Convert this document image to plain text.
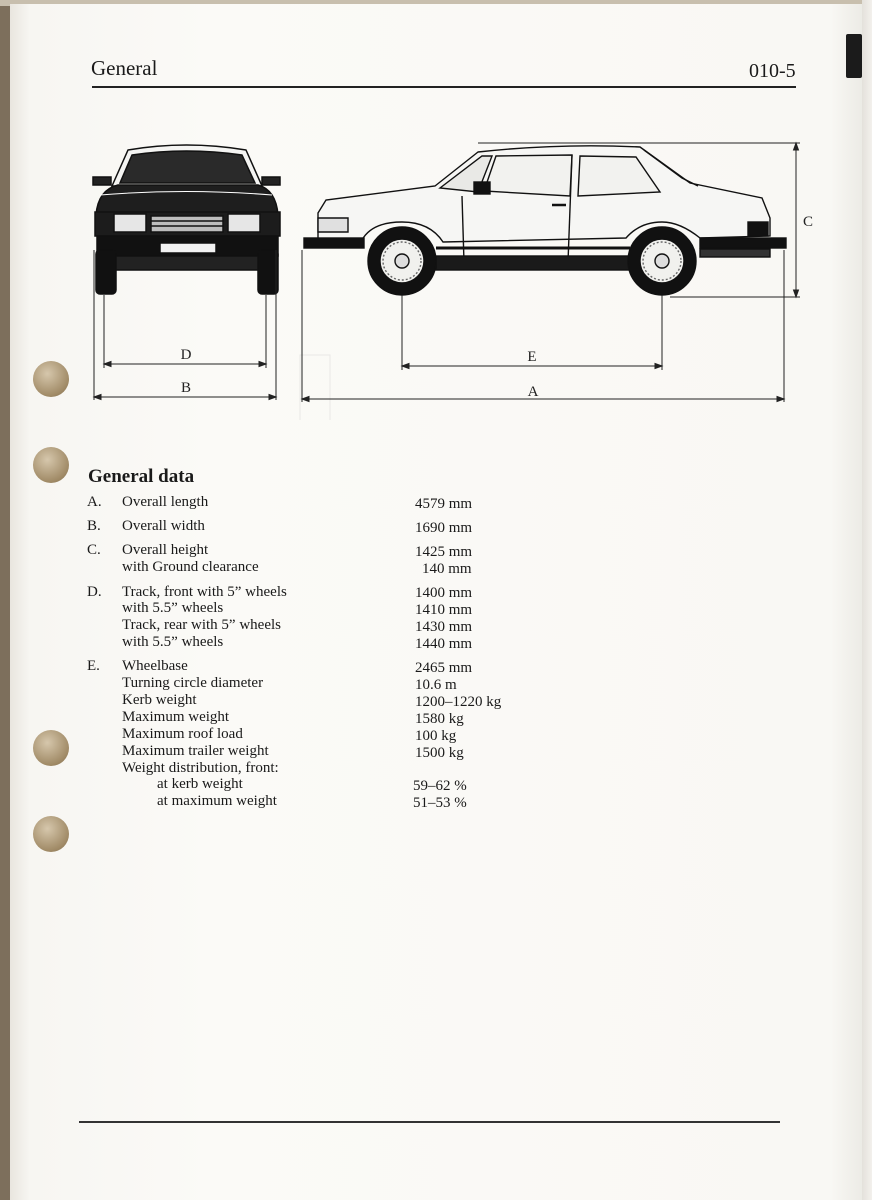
General	010-5
D
B
E
A
C
General data
A. Overall length	4579 mm
B. Overall width	1690 mm
C. Overall height	1425 mm
with Ground clearance	140 mm
D. Track, front with 5” wheels	1400 mm
with 5.5” wheels	1410 mm
Track, rear with 5” wheels	1430 mm
with 5.5” wheels	1440 mm
E. Wheelbase	2465 mm
Turning circle diameter	10.6 m
Kerb weight	1200–1220 kg
Maximum weight	1580 kg
Maximum roof load	100 kg
Maximum trailer weight	1500 kg
Weight distribution, front:
at kerb weight	59–62 %
at maximum weight	51–53 %
